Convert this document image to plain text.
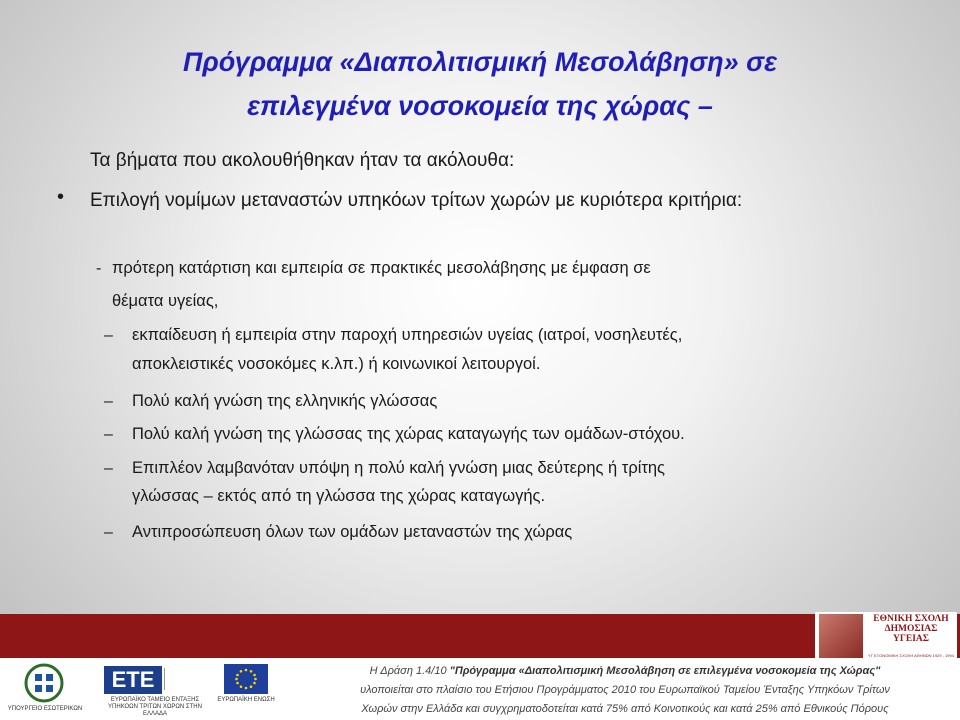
Πρόγραμμα «Διαπολιτισμική Μεσολάβηση» σε
επιλεγμένα νοσοκομεία της χώρας –
Τα βήματα που ακολουθήθηκαν ήταν τα ακόλουθα:
• Επιλογή νομίμων μεταναστών υπηκόων τρίτων χωρών με κυριότερα κριτήρια:
- πρότερη κατάρτιση και εμπειρία σε πρακτικές μεσολάβησης με έμφαση σε
θέματα υγείας,
– εκπαίδευση ή εμπειρία στην παροχή υπηρεσιών υγείας (ιατροί, νοσηλευτές,
αποκλειστικές νοσοκόμες κ.λπ.) ή κοινωνικοί λειτουργοί.
– Πολύ καλή γνώση της ελληνικής γλώσσας
– Πολύ καλή γνώση της γλώσσας της χώρας καταγωγής των ομάδων-στόχου.
– Επιπλέον λαμβανόταν υπόψη η πολύ καλή γνώση μιας δεύτερης ή τρίτης
γλώσσας – εκτός από τη γλώσσα της χώρας καταγωγής.
– Αντιπροσώπευση όλων των ομάδων μεταναστών της χώρας
ΕΘΝΙΚΗ ΣΧΟΛΗ ΔΗΜΟΣΙΑΣ ΥΓΕΙΑΣ
ΥΓ ΕΞΟΝΟΜΙΚΗ ΣΧΟΛΗ ΑΘΗΝΩΝ 1929 - 1994
ΥΠΟΥΡΓΕΙΟ ΕΣΩΤΕΡΙΚΩΝ
ΕΤΕ
ΕΥΡΩΠΑΪΚΟ ΤΑΜΕΙΟ ΕΝΤΑΞΗΣ ΥΠΗΚΟΩΝ ΤΡΙΤΩΝ ΧΩΡΩΝ ΣΤΗΝ ΕΛΛΑΔΑ
ΕΥΡΩΠΑΪΚΗ ΕΝΩΣΗ
Η Δράση 1.4/10 "Πρόγραμμα «Διαπολιτισμική Μεσολάβηση σε επιλεγμένα νοσοκομεία της Χώρας"
υλοποιείται στο πλαίσιο του Ετήσιου Προγράμματος 2010 του Ευρωπαϊκού Ταμείου Ένταξης Υπηκόων Τρίτων
Χωρών στην Ελλάδα και συγχρηματοδοτείται κατά 75% από Κοινοτικούς και κατά 25% από Εθνικούς Πόρους
